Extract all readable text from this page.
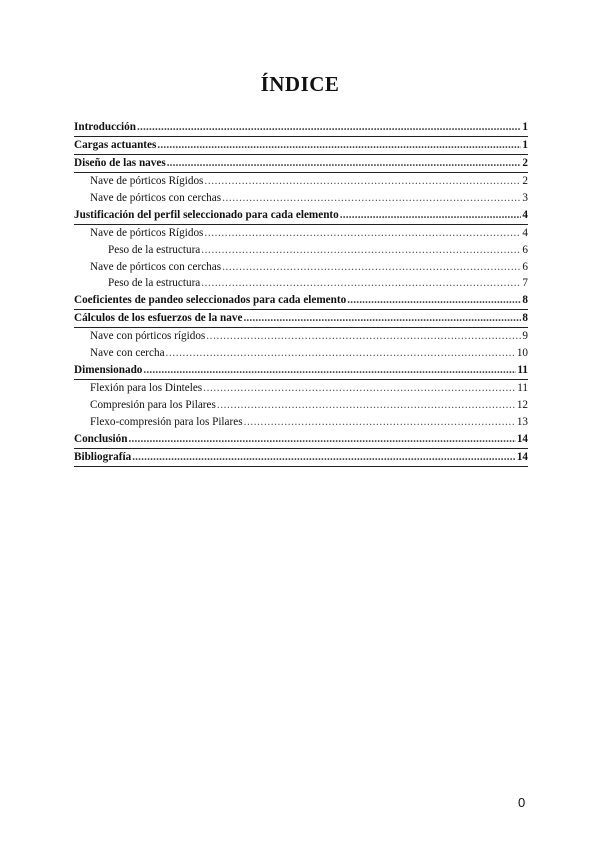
ÍNDICE
Introducción .....	1
Cargas actuantes .....	1
Diseño de las naves .....	2
Nave de pórticos Rígidos .....	2
Nave de pórticos con cerchas .....	3
Justificación del perfil seleccionado para cada elemento .....	4
Nave de pórticos Rígidos .....	4
Peso de la estructura .....	6
Nave de pórticos con cerchas .....	6
Peso de la estructura .....	7
Coeficientes de pandeo seleccionados para cada elemento .....	8
Cálculos de los esfuerzos de la nave .....	8
Nave con pórticos rígidos .....	9
Nave con cercha .....	10
Dimensionado .....	11
Flexión para los Dinteles .....	11
Compresión para los Pilares .....	12
Flexo-compresión para los Pilares .....	13
Conclusión .....	14
Bibliografía .....	14
0
